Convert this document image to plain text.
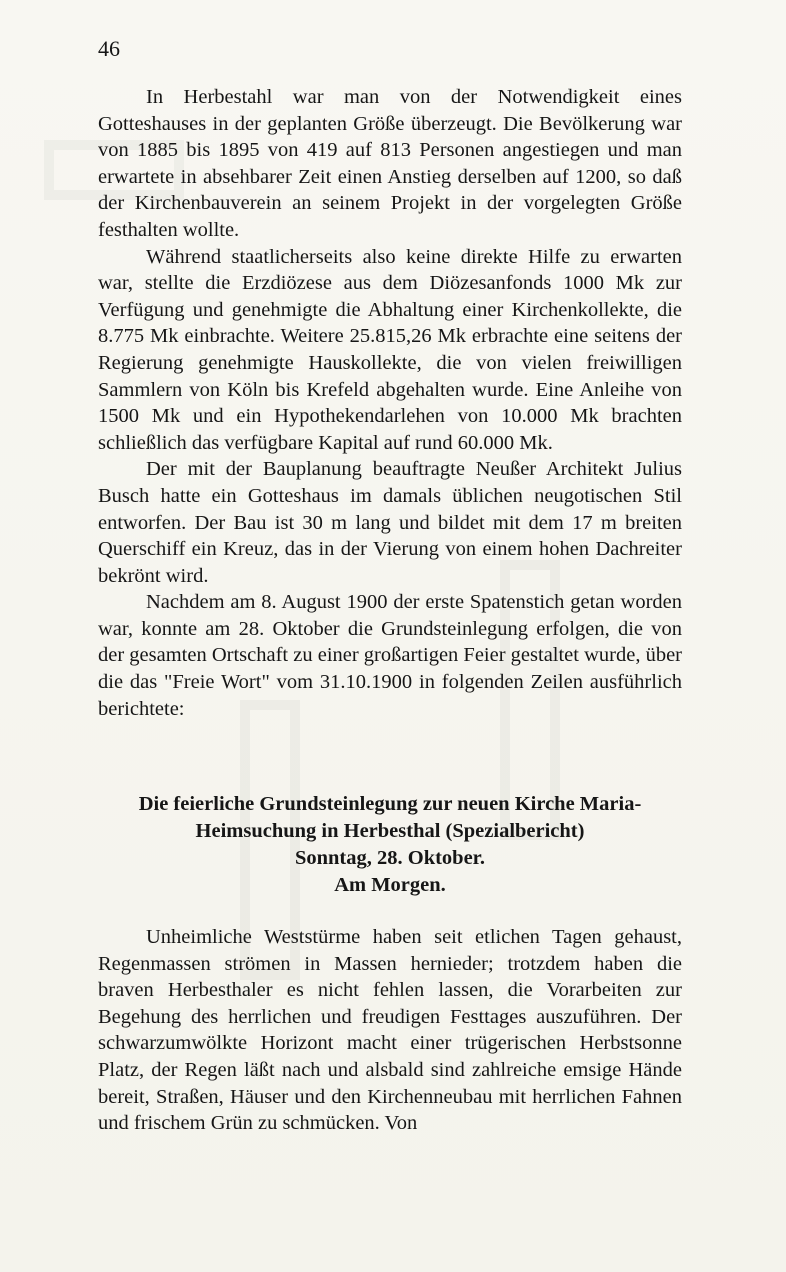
46

In Herbestahl war man von der Notwendigkeit eines Gotteshauses in der geplanten Größe überzeugt. Die Bevölkerung war von 1885 bis 1895 von 419 auf 813 Personen angestiegen und man erwartete in absehbarer Zeit einen Anstieg derselben auf 1200, so daß der Kirchenbauverein an seinem Projekt in der vorgelegten Größe festhalten wollte.

Während staatlicherseits also keine direkte Hilfe zu erwarten war, stellte die Erzdiözese aus dem Diözesanfonds 1000 Mk zur Verfügung und genehmigte die Abhaltung einer Kirchenkollekte, die 8.775 Mk einbrachte. Weitere 25.815,26 Mk erbrachte eine seitens der Regierung genehmigte Hauskollekte, die von vielen freiwilligen Sammlern von Köln bis Krefeld abgehalten wurde. Eine Anleihe von 1500 Mk und ein Hypothekendarlehen von 10.000 Mk brachten schließlich das verfügbare Kapital auf rund 60.000 Mk.

Der mit der Bauplanung beauftragte Neußer Architekt Julius Busch hatte ein Gotteshaus im damals üblichen neugotischen Stil entworfen. Der Bau ist 30 m lang und bildet mit dem 17 m breiten Querschiff ein Kreuz, das in der Vierung von einem hohen Dachreiter bekrönt wird.

Nachdem am 8. August 1900 der erste Spatenstich getan worden war, konnte am 28. Oktober die Grundsteinlegung erfolgen, die von der gesamten Ortschaft zu einer großartigen Feier gestaltet wurde, über die das "Freie Wort" vom 31.10.1900 in folgenden Zeilen ausführlich berichtete:

Die feierliche Grundsteinlegung zur neuen Kirche Maria-
Heimsuchung in Herbesthal (Spezialbericht)
Sonntag, 28. Oktober.
Am Morgen.

Unheimliche Weststürme haben seit etlichen Tagen gehaust, Regenmassen strömen in Massen hernieder; trotzdem haben die braven Herbesthaler es nicht fehlen lassen, die Vorarbeiten zur Begehung des herrlichen und freudigen Festtages auszuführen. Der schwarzumwölkte Horizont macht einer trügerischen Herbstsonne Platz, der Regen läßt nach und alsbald sind zahlreiche emsige Hände bereit, Straßen, Häuser und den Kirchenneubau mit herrlichen Fahnen und frischem Grün zu schmücken. Von
